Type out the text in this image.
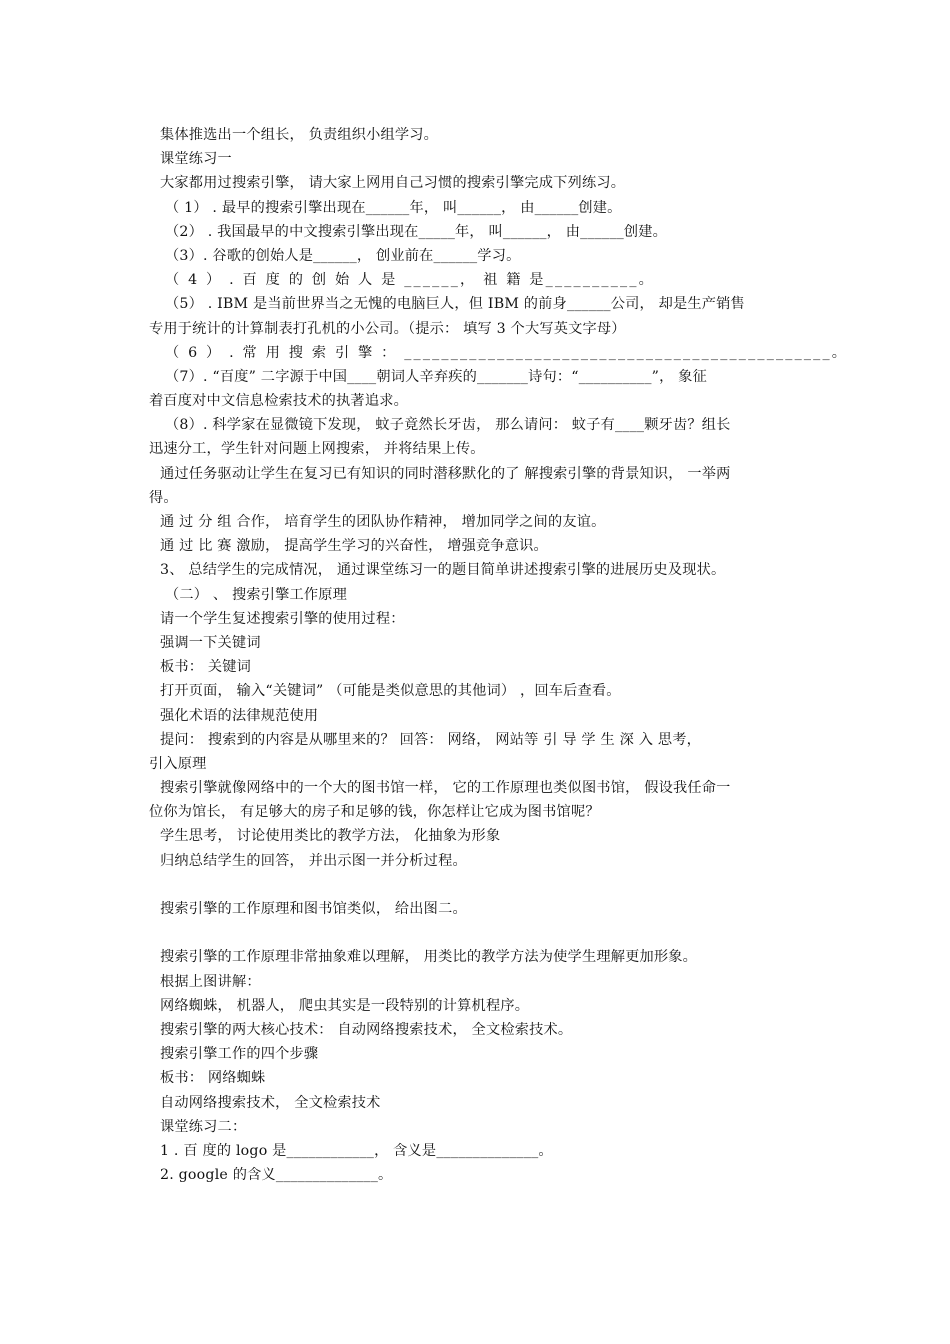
集体推选出一个组长， 负责组织小组学习。
课堂练习一
大家都用过搜索引擎， 请大家上网用自己习惯的搜索引擎完成下列练习。
（ 1） . 最早的搜索引擎出现在______年， 叫______， 由______创建。
（2） . 我国最早的中文搜索引擎出现在_____年， 叫______， 由______创建。
（3）. 谷歌的创始人是______， 创业前在______学习。
（ 4 ） . 百 度 的 创 始 人 是 ______， 祖 籍 是__________。
（5） . IBM 是当前世界当之无愧的电脑巨人，但 IBM 的前身______公司， 却是生产销售
专用于统计的计算制表打孔机的小公司。（提示： 填写 3 个大写英文字母）
（ 6 ） . 常 用 搜 索 引 擎 ： ______________________________________________。
（7）. “百度” 二字源于中国____朝词人辛弃疾的_______诗句：“__________”， 象征
着百度对中文信息检索技术的执著追求。
（8）. 科学家在显微镜下发现， 蚊子竟然长牙齿， 那么请问： 蚊子有____颗牙齿？组长
迅速分工，学生针对问题上网搜索， 并将结果上传。
通过任务驱动让学生在复习已有知识的同时潜移默化的了 解搜索引擎的背景知识， 一举两
得。
通 过 分 组 合作， 培育学生的团队协作精神， 增加同学之间的友谊。
通 过 比 赛 激励， 提高学生学习的兴奋性， 增强竞争意识。
3、 总结学生的完成情况， 通过课堂练习一的题目简单讲述搜索引擎的进展历史及现状。
（二） 、 搜索引擎工作原理
请一个学生复述搜索引擎的使用过程：
强调一下关键词
板书： 关键词
打开页面， 输入“关键词” （可能是类似意思的其他词） ，回车后查看。
强化术语的法律规范使用
提问： 搜索到的内容是从哪里来的？ 回答： 网络， 网站等 引 导 学 生 深 入 思考，
引入原理
搜索引擎就像网络中的一个大的图书馆一样， 它的工作原理也类似图书馆， 假设我任命一
位你为馆长， 有足够大的房子和足够的钱，你怎样让它成为图书馆呢？
学生思考， 讨论使用类比的教学方法， 化抽象为形象
归纳总结学生的回答， 并出示图一并分析过程。
搜索引擎的工作原理和图书馆类似， 给出图二。
搜索引擎的工作原理非常抽象难以理解， 用类比的教学方法为使学生理解更加形象。
根据上图讲解：
网络蜘蛛， 机器人， 爬虫其实是一段特别的计算机程序。
搜索引擎的两大核心技术： 自动网络搜索技术， 全文检索技术。
搜索引擎工作的四个步骤
板书： 网络蜘蛛
自动网络搜索技术， 全文检索技术
课堂练习二：
1 . 百 度的 logo 是____________， 含义是______________。
2. google 的含义______________。
